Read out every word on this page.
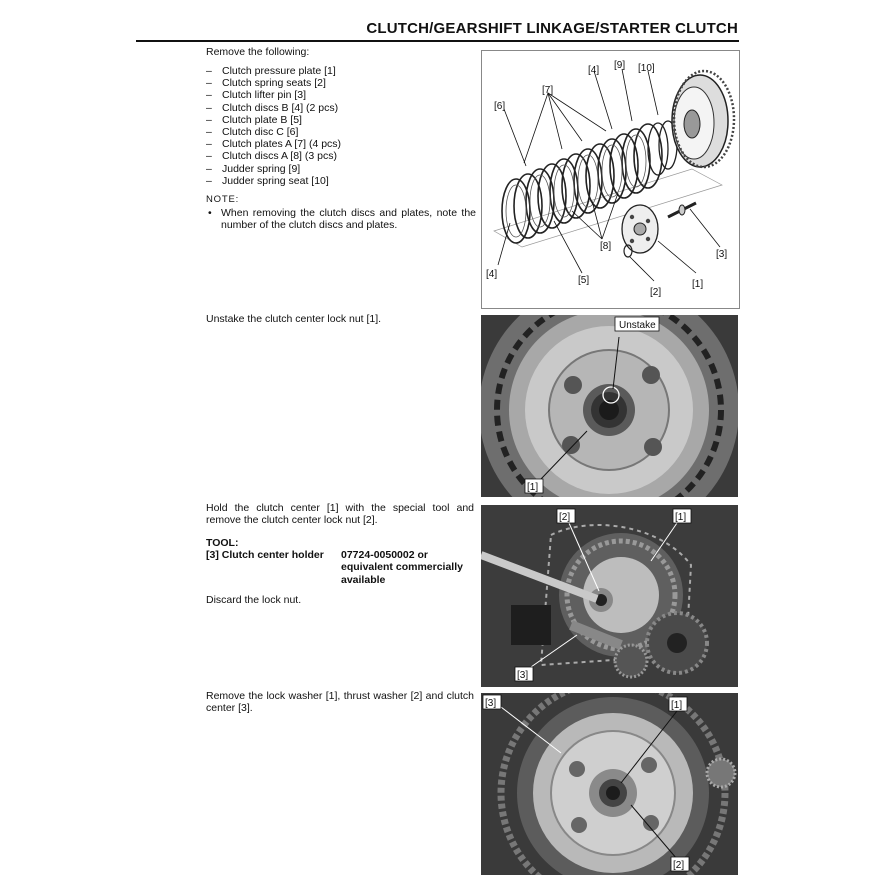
CLUTCH/GEARSHIFT LINKAGE/STARTER CLUTCH
Remove the following:
– Clutch pressure plate [1]
– Clutch spring seats [2]
– Clutch lifter pin [3]
– Clutch discs B [4] (2 pcs)
– Clutch plate B [5]
– Clutch disc C [6]
– Clutch plates A [7] (4 pcs)
– Clutch discs A [8] (3 pcs)
– Judder spring [9]
– Judder spring seat [10]
NOTE:
• When removing the clutch discs and plates, note the number of the clutch discs and plates.
[6]
[7]
[4] [9] [10]
[8]
[3]
[4]
[5]
[2]
[1]
Unstake the clutch center lock nut [1].
Unstake
[1]
Hold the clutch center [1] with the special tool and remove the clutch center lock nut [2].
TOOL:
[3] Clutch center holder 07724-0050002 or equivalent commercially available
Discard the lock nut.
[2]	[1]
[3]
Remove the lock washer [1], thrust washer [2] and clutch center [3].	[3]	[1]
[2]
